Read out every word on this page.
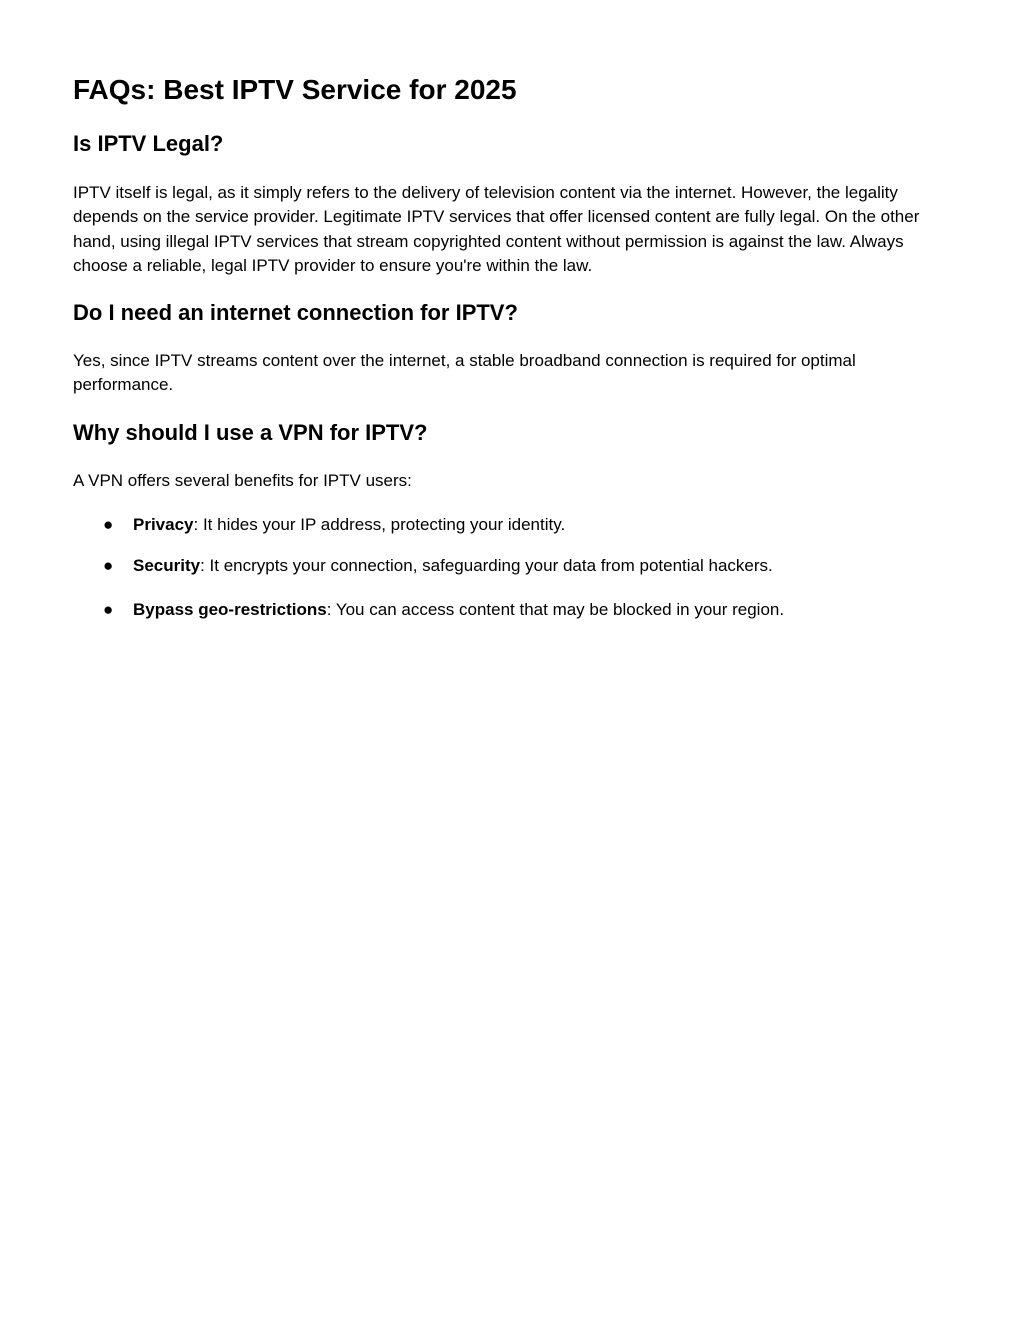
FAQs: Best IPTV Service for 2025
Is IPTV Legal?

IPTV itself is legal, as it simply refers to the delivery of television content via the internet. However, the legality depends on the service provider. Legitimate IPTV services that offer licensed content are fully legal. On the other hand, using illegal IPTV services that stream copyrighted content without permission is against the law. Always choose a reliable, legal IPTV provider to ensure you're within the law.

Do I need an internet connection for IPTV?

Yes, since IPTV streams content over the internet, a stable broadband connection is required for optimal performance.

Why should I use a VPN for IPTV?

A VPN offers several benefits for IPTV users:

● Privacy: It hides your IP address, protecting your identity.
● Security: It encrypts your connection, safeguarding your data from potential hackers.
● Bypass geo-restrictions: You can access content that may be blocked in your region.
